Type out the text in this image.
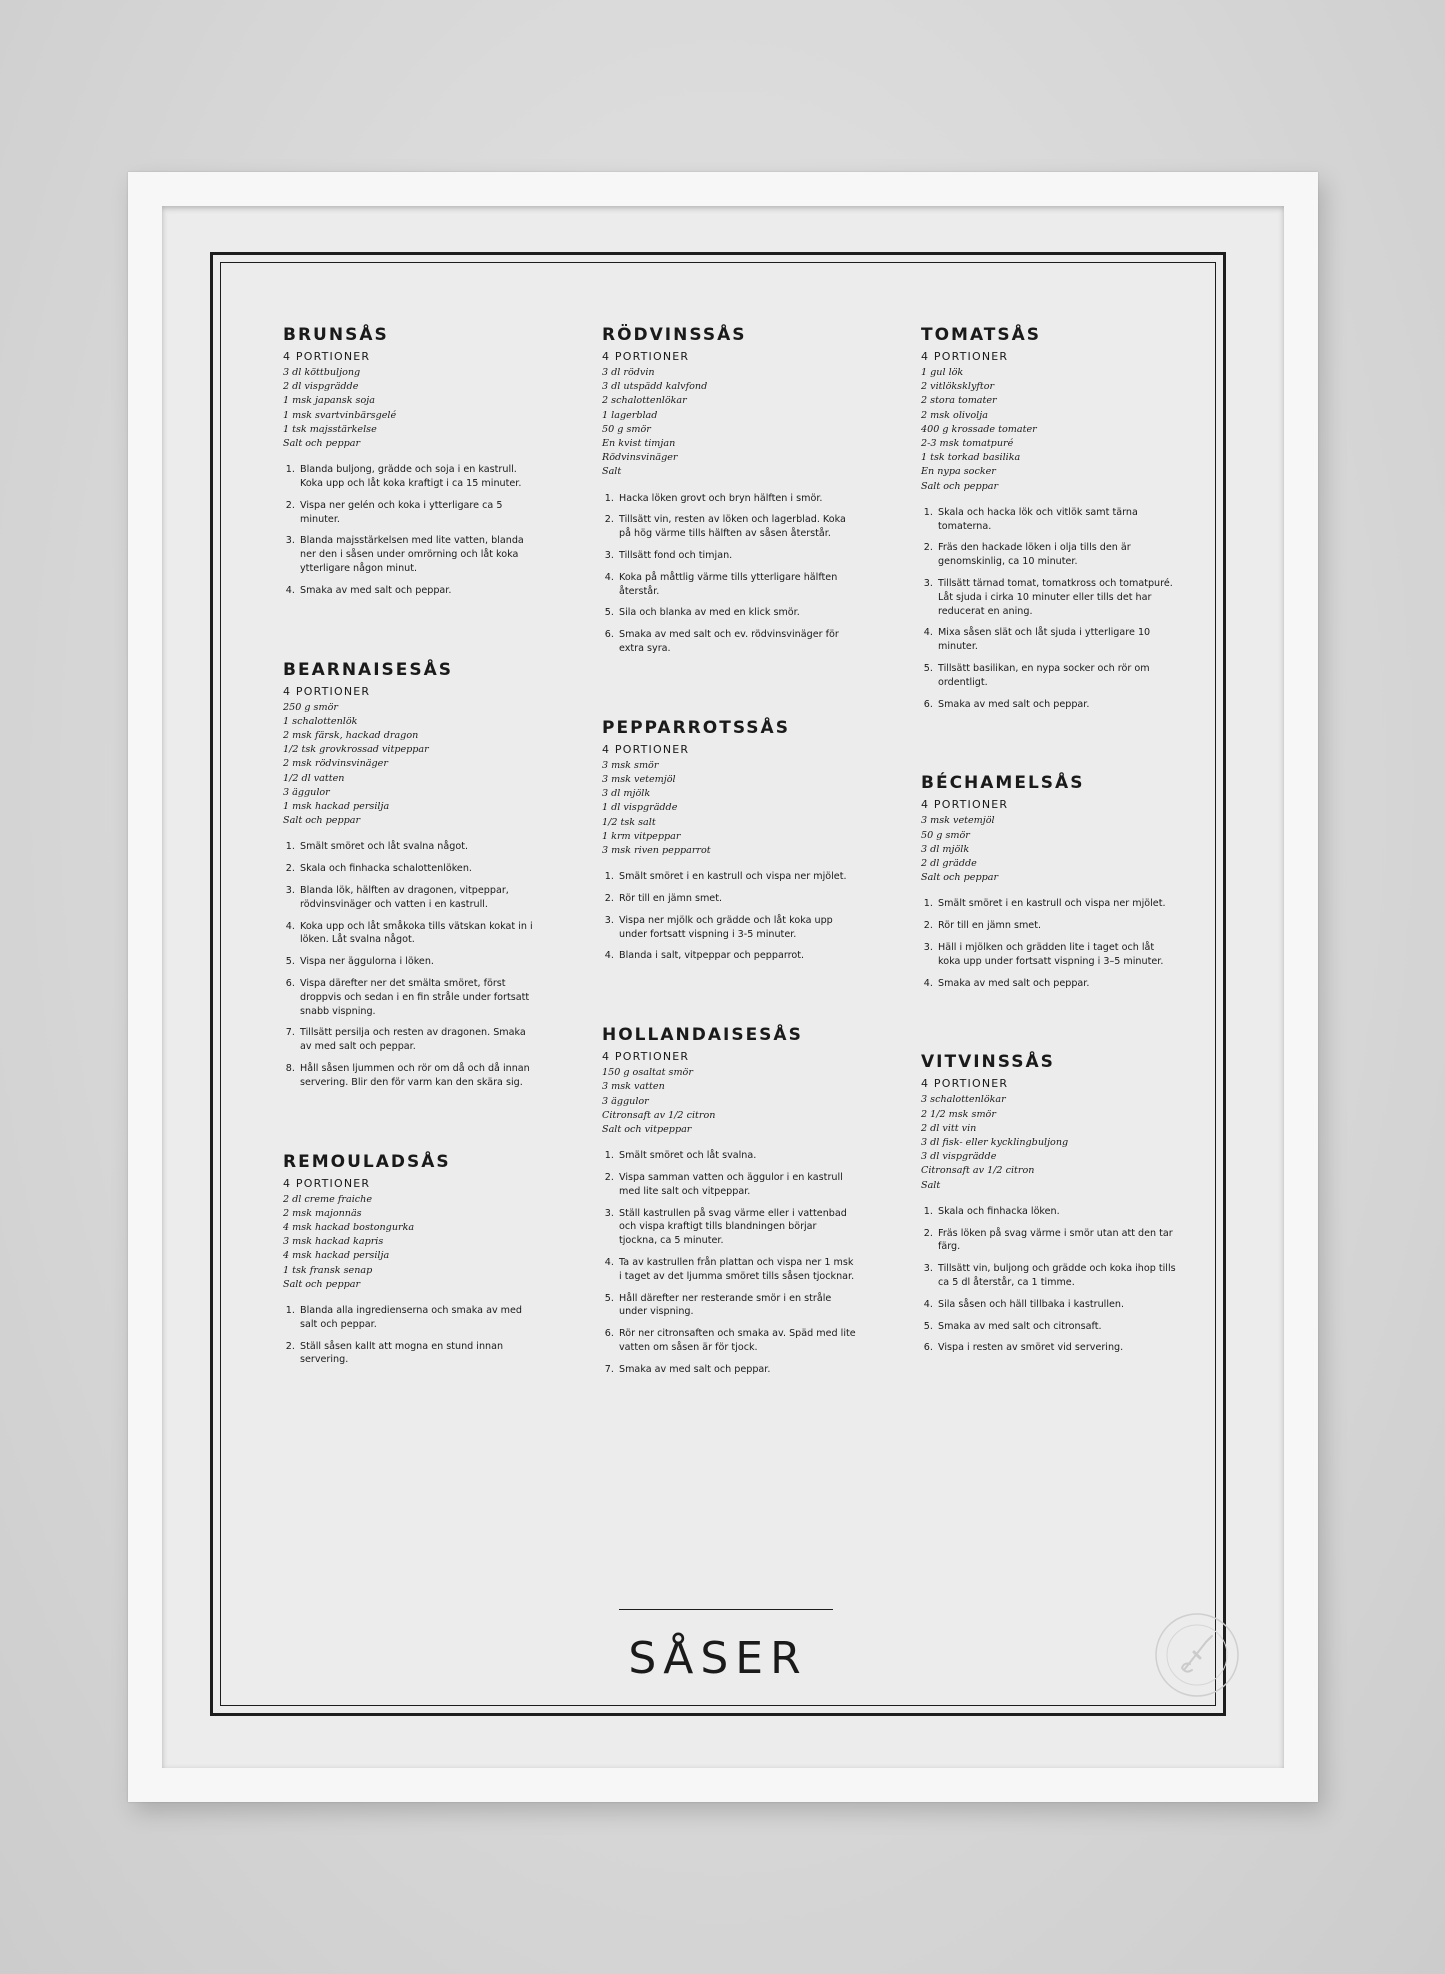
BRUNSÅS
4 PORTIONER
3 dl köttbuljong
2 dl vispgrädde
1 msk japansk soja
1 msk svartvinbärsgelé
1 tsk majsstärkelse
Salt och peppar
1. Blanda buljong, grädde och soja i en kastrull. Koka upp och låt koka kraftigt i ca 15 minuter.
2. Vispa ner gelén och koka i ytterligare ca 5 minuter.
3. Blanda majsstärkelsen med lite vatten, blanda ner den i såsen under omrörning och låt koka ytterligare någon minut.
4. Smaka av med salt och peppar.
BEARNAISESÅS
4 PORTIONER
250 g smör
1 schalottenlök
2 msk färsk, hackad dragon
1/2 tsk grovkrossad vitpeppar
2 msk rödvinsvinäger
1/2 dl vatten
3 äggulor
1 msk hackad persilja
Salt och peppar
1. Smält smöret och låt svalna något.
2. Skala och finhacka schalottenlöken.
3. Blanda lök, hälften av dragonen, vitpeppar, rödvinsvinäger och vatten i en kastrull.
4. Koka upp och låt småkoka tills vätskan kokat in i löken. Låt svalna något.
5. Vispa ner äggulorna i löken.
6. Vispa därefter ner det smälta smöret, först droppvis och sedan i en fin stråle under fortsatt snabb vispning.
7. Tillsätt persilja och resten av dragonen. Smaka av med salt och peppar.
8. Håll såsen ljummen och rör om då och då innan servering. Blir den för varm kan den skära sig.
REMOULADSÅS
4 PORTIONER
2 dl creme fraiche
2 msk majonnäs
4 msk hackad bostongurka
3 msk hackad kapris
4 msk hackad persilja
1 tsk fransk senap
Salt och peppar
1. Blanda alla ingredienserna och smaka av med salt och peppar.
2. Ställ såsen kallt att mogna en stund innan servering.
RÖDVINSSÅS
4 PORTIONER
3 dl rödvin
3 dl utspädd kalvfond
2 schalottenlökar
1 lagerblad
50 g smör
En kvist timjan
Rödvinsvinäger
Salt
1. Hacka löken grovt och bryn hälften i smör.
2. Tillsätt vin, resten av löken och lagerblad. Koka på hög värme tills hälften av såsen återstår.
3. Tillsätt fond och timjan.
4. Koka på måttlig värme tills ytterligare hälften återstår.
5. Sila och blanka av med en klick smör.
6. Smaka av med salt och ev. rödvinsvinäger för extra syra.
PEPPARROTSSÅS
4 PORTIONER
3 msk smör
3 msk vetemjöl
3 dl mjölk
1 dl vispgrädde
1/2 tsk salt
1 krm vitpeppar
3 msk riven pepparrot
1. Smält smöret i en kastrull och vispa ner mjölet.
2. Rör till en jämn smet.
3. Vispa ner mjölk och grädde och låt koka upp under fortsatt vispning i 3-5 minuter.
4. Blanda i salt, vitpeppar och pepparrot.
HOLLANDAISESÅS
4 PORTIONER
150 g osaltat smör
3 msk vatten
3 äggulor
Citronsaft av 1/2 citron
Salt och vitpeppar
1. Smält smöret och låt svalna.
2. Vispa samman vatten och äggulor i en kastrull med lite salt och vitpeppar.
3. Ställ kastrullen på svag värme eller i vattenbad och vispa kraftigt tills blandningen börjar tjockna, ca 5 minuter.
4. Ta av kastrullen från plattan och vispa ner 1 msk i taget av det ljumma smöret tills såsen tjocknar.
5. Håll därefter ner resterande smör i en stråle under vispning.
6. Rör ner citronsaften och smaka av. Späd med lite vatten om såsen är för tjock.
7. Smaka av med salt och peppar.
TOMATSÅS
4 PORTIONER
1 gul lök
2 vitlöksklyftor
2 stora tomater
2 msk olivolja
400 g krossade tomater
2-3 msk tomatpuré
1 tsk torkad basilika
En nypa socker
Salt och peppar
1. Skala och hacka lök och vitlök samt tärna tomaterna.
2. Fräs den hackade löken i olja tills den är genomskinlig, ca 10 minuter.
3. Tillsätt tärnad tomat, tomatkross och tomatpuré. Låt sjuda i cirka 10 minuter eller tills det har reducerat en aning.
4. Mixa såsen slät och låt sjuda i ytterligare 10 minuter.
5. Tillsätt basilikan, en nypa socker och rör om ordentligt.
6. Smaka av med salt och peppar.
BÉCHAMELSÅS
4 PORTIONER
3 msk vetemjöl
50 g smör
3 dl mjölk
2 dl grädde
Salt och peppar
1. Smält smöret i en kastrull och vispa ner mjölet.
2. Rör till en jämn smet.
3. Häll i mjölken och grädden lite i taget och låt koka upp under fortsatt vispning i 3–5 minuter.
4. Smaka av med salt och peppar.
VITVINSSÅS
4 PORTIONER
3 schalottenlökar
2 1/2 msk smör
2 dl vitt vin
3 dl fisk- eller kycklingbuljong
3 dl vispgrädde
Citronsaft av 1/2 citron
Salt
1. Skala och finhacka löken.
2. Fräs löken på svag värme i smör utan att den tar färg.
3. Tillsätt vin, buljong och grädde och koka ihop tills ca 5 dl återstår, ca 1 timme.
4. Sila såsen och häll tillbaka i kastrullen.
5. Smaka av med salt och citronsaft.
6. Vispa i resten av smöret vid servering.
SÅSER
